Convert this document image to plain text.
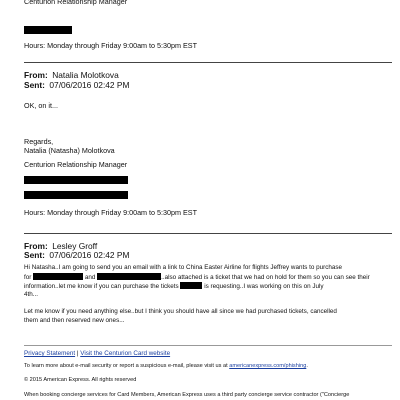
Centurion Relationship Manager
Hours: Monday through Friday 9:00am to 5:30pm EST
From: Natalia Molotkova
Sent: 07/06/2016 02:42 PM
OK, on it...
Regards,
Natalia (Natasha) Molotkova
Centurion Relationship Manager
Hours: Monday through Friday 9:00am to 5:30pm EST
From: Lesley Groff
Sent: 07/06/2016 02:42 PM
Hi Natasha..I am going to send you an email with a link to China Easter Airline for flights Jeffrey wants to purchase
for	and	..also attached is a ticket that we had on hold for them so you can see their
information..let me know if you can purchase the tickets	is requesting..I was working on this on July
4th...
Let me know if you need anything else..but I think you should have all since we had purchased tickets, cancelled
them and then reserved new ones...
Privacy Statement | Visit the Centurion Card website
To learn more about e-mail security or report a suspicious e-mail, please visit us at americanexpress.com/phishing.
© 2015 American Express. All rights reserved
When booking concierge services for Card Members, American Express uses a third party concierge service contractor ("Concierge
